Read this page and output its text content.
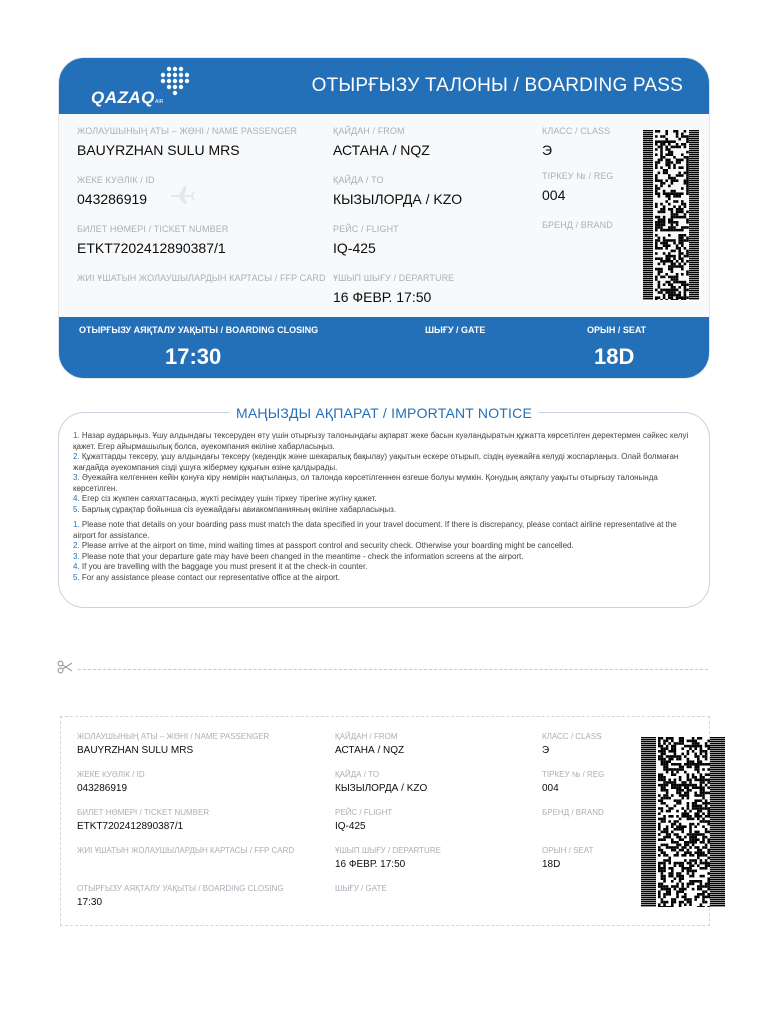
QAZAQ AIR
ОТЫРҒЫЗУ ТАЛОНЫ / BOARDING PASS
ЖОЛАУШЫНЫҢ АТЫ – ЖӨНІ / NAME PASSENGER
BAUYRZHAN SULU MRS
ЖЕКЕ КУӘЛІК / ID
043286919
БИЛЕТ НӨМЕРІ / TICKET NUMBER
ETKT7202412890387/1
ЖИІ ҰШАТЫН ЖОЛАУШЫЛАРДЫН КАРТАСЫ / FFP CARD
ҚАЙДАН / FROM
АСТАНА / NQZ
ҚАЙДА / TO
КЫЗЫЛОРДА / KZO
РЕЙС / FLIGHT
IQ-425
ҰШЫП ШЫҒУ / DEPARTURE
16 ФЕВР. 17:50
КЛАСС / CLASS
Э
ТІРКЕУ № / REG
004
БРЕНД / BRAND
ОТЫРҒЫЗУ АЯҚТАЛУ УАҚЫТЫ / BOARDING CLOSING
17:30
ШЫҒУ / GATE	ОРЫН / SEAT
18D
МАҢЫЗДЫ АҚПАРАТ / IMPORTANT NOTICE
1. Назар аударыңыз. Ұшу алдындағы тексеруден өту үшін отырғызу талонындағы ақпарат жеке басын куәландыратын құжатта көрсетілген деректермен сәйкес келуі қажет. Егер айырмашылық болса, әуекомпания өкіліне хабарласыңыз.
2. Құжаттарды тексеру, ұшу алдындағы тексеру (кедендік және шекаралық бақылау) уақытын ескере отырып, сіздің әуежайға келуді жоспарлаңыз. Олай болмаған жағдайда әуекомпания сізді ұшуға жібермеу құқығын өзіне қалдырады.
3. Әуежайға келгеннен кейін қонуға кіру нөмірін нақтылаңыз, ол талонда көрсетілгеннен өзгеше болуы мүмкін. Қонудың аяқталу уақыты отырғызу талонында көрсетілген.
4. Егер сіз жүкпен саяхаттасаңыз, жүкті ресімдеу үшін тіркеу тірегіне жүгіну қажет.
5. Барлық сұрақтар бойынша сіз әуежайдағы авиакомпанияның өкіліне хабарласыңыз.
1. Please note that details on your boarding pass must match the data specified in your travel document. If there is discrepancy, please contact airline representative at the airport for assistance.
2. Please arrive at the airport on time, mind waiting times at passport control and security check. Otherwise your boarding might be cancelled.
3. Please note that your departure gate may have been changed in the meantime - check the information screens at the airport.
4. If you are travelling with the baggage you must present it at the check-in counter.
5. For any assistance please contact our representative office at the airport.
ЖОЛАУШЫНЫҢ АТЫ – ЖӨНІ / NAME PASSENGER
BAUYRZHAN SULU MRS
ЖЕКЕ КУӘЛІК / ID
043286919
БИЛЕТ НӨМЕРІ / TICKET NUMBER
ETKT7202412890387/1
ЖИІ ҰШАТЫН ЖОЛАУШЫЛАРДЫН КАРТАСЫ / FFP CARD
ОТЫРҒЫЗУ АЯҚТАЛУ УАҚЫТЫ / BOARDING CLOSING
17:30
ҚАЙДАН / FROM
АСТАНА / NQZ
ҚАЙДА / TO
КЫЗЫЛОРДА / KZO
РЕЙС / FLIGHT
IQ-425
ҰШЫП ШЫҒУ / DEPARTURE
16 ФЕВР. 17:50
ШЫҒУ / GATE
КЛАСС / CLASS
Э
ТІРКЕУ № / REG
004
БРЕНД / BRAND
ОРЫН / SEAT
18D
